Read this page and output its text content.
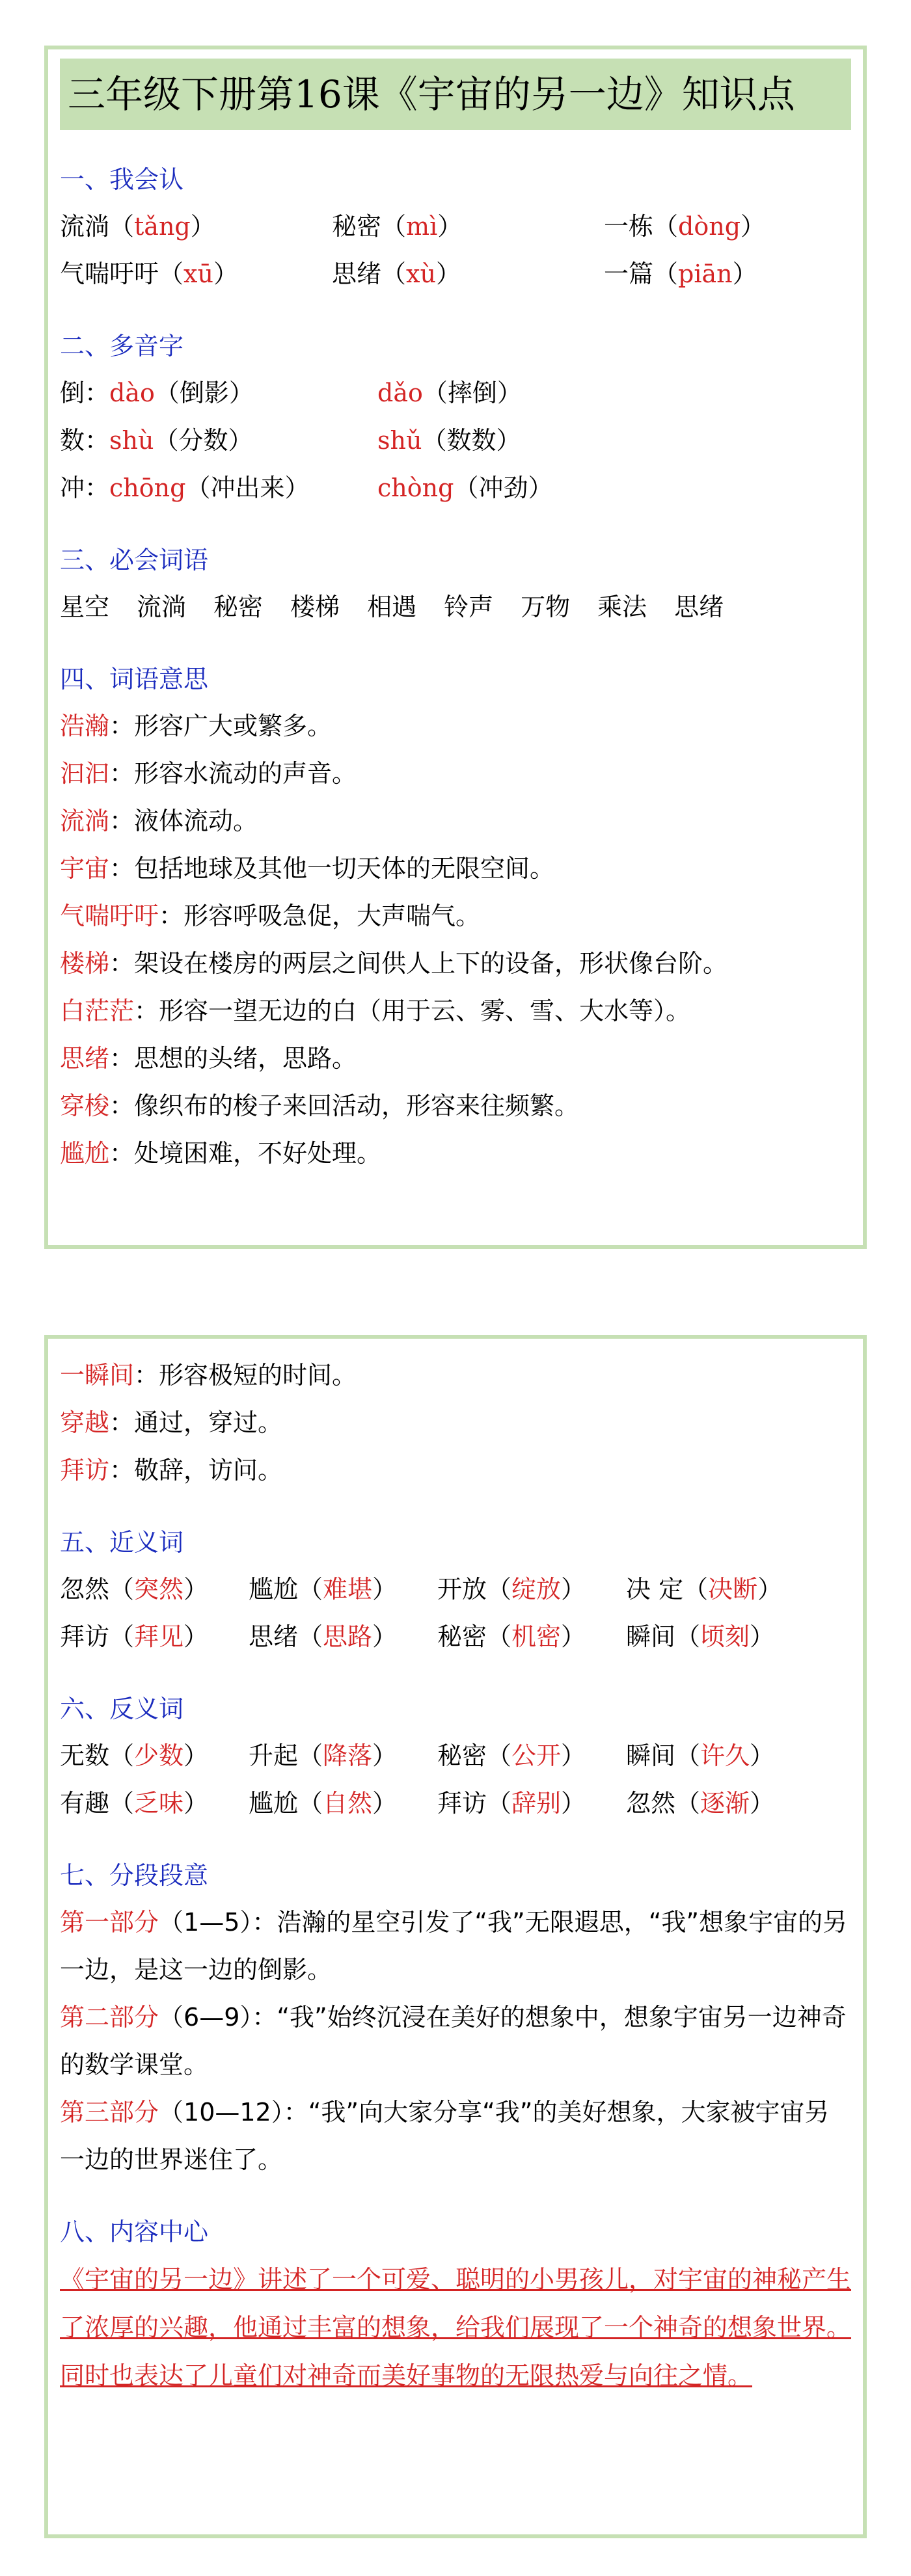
三年级下册第16课《宇宙的另一边》知识点
一、我会认
流淌（tǎng）	秘密（mì）	一栋（dòng）
气喘吁吁（xū）	思绪（xù）	一篇（piān）
二、多音字
倒：dào（倒影）	dǎo（摔倒）
数：shù（分数）	shǔ（数数）
冲：chōng（冲出来）	chòng（冲劲）
三、必会词语
星空 流淌 秘密 楼梯 相遇 铃声 万物 乘法 思绪
四、词语意思
浩瀚 ：形容广大或繁多。
汩汩 ：形容水流动的声音。
流淌 ：液体流动。
宇宙 ：包括地球及其他一切天体的无限空间。
气喘吁吁 ：形容呼吸急促，大声喘气。
楼梯 ：架设在楼房的两层之间供人上下的设备，形状像台阶。
白茫茫 ：形容一望无边的白（用于云、雾、雪、大水等）。
思绪 ：思想的头绪，思路。
穿梭 ：像织布的梭子来回活动，形容来往频繁。
尴尬 ：处境困难，不好处理。
一瞬间 ：形容极短的时间。
穿越 ：通过，穿过。
拜访 ：敬辞，访问。
五、近义词
忽然（突然）	尴尬（难堪）	开放（绽放）	决 定（决断）
拜访（拜见）	思绪（思路）	秘密（机密）	瞬间（顷刻）
六、反义词
无数（少数）	升起（降落）	秘密（公开）	瞬间（许久）
有趣（乏味）	尴尬（自然）	拜访（辞别）	忽然（逐渐）
七、分段段意
第一部分（1—5）：浩瀚的星空引发了“我”无限遐思，“我”想象宇宙的另一边，是这一边的倒影。
第二部分（6—9）：“我”始终沉浸在美好的想象中，想象宇宙另一边神奇的数学课堂。
第三部分（10—12）：“我”向大家分享“我”的美好想象，大家被宇宙另一边的世界迷住了。
八、内容中心
《宇宙的另一边》讲述了一个可爱、聪明的小男孩儿，对宇宙的神秘产生了浓厚的兴趣，他通过丰富的想象，给我们展现了一个神奇的想象世界。同时也表达了儿童们对神奇而美好事物的无限热爱与向往之情。
